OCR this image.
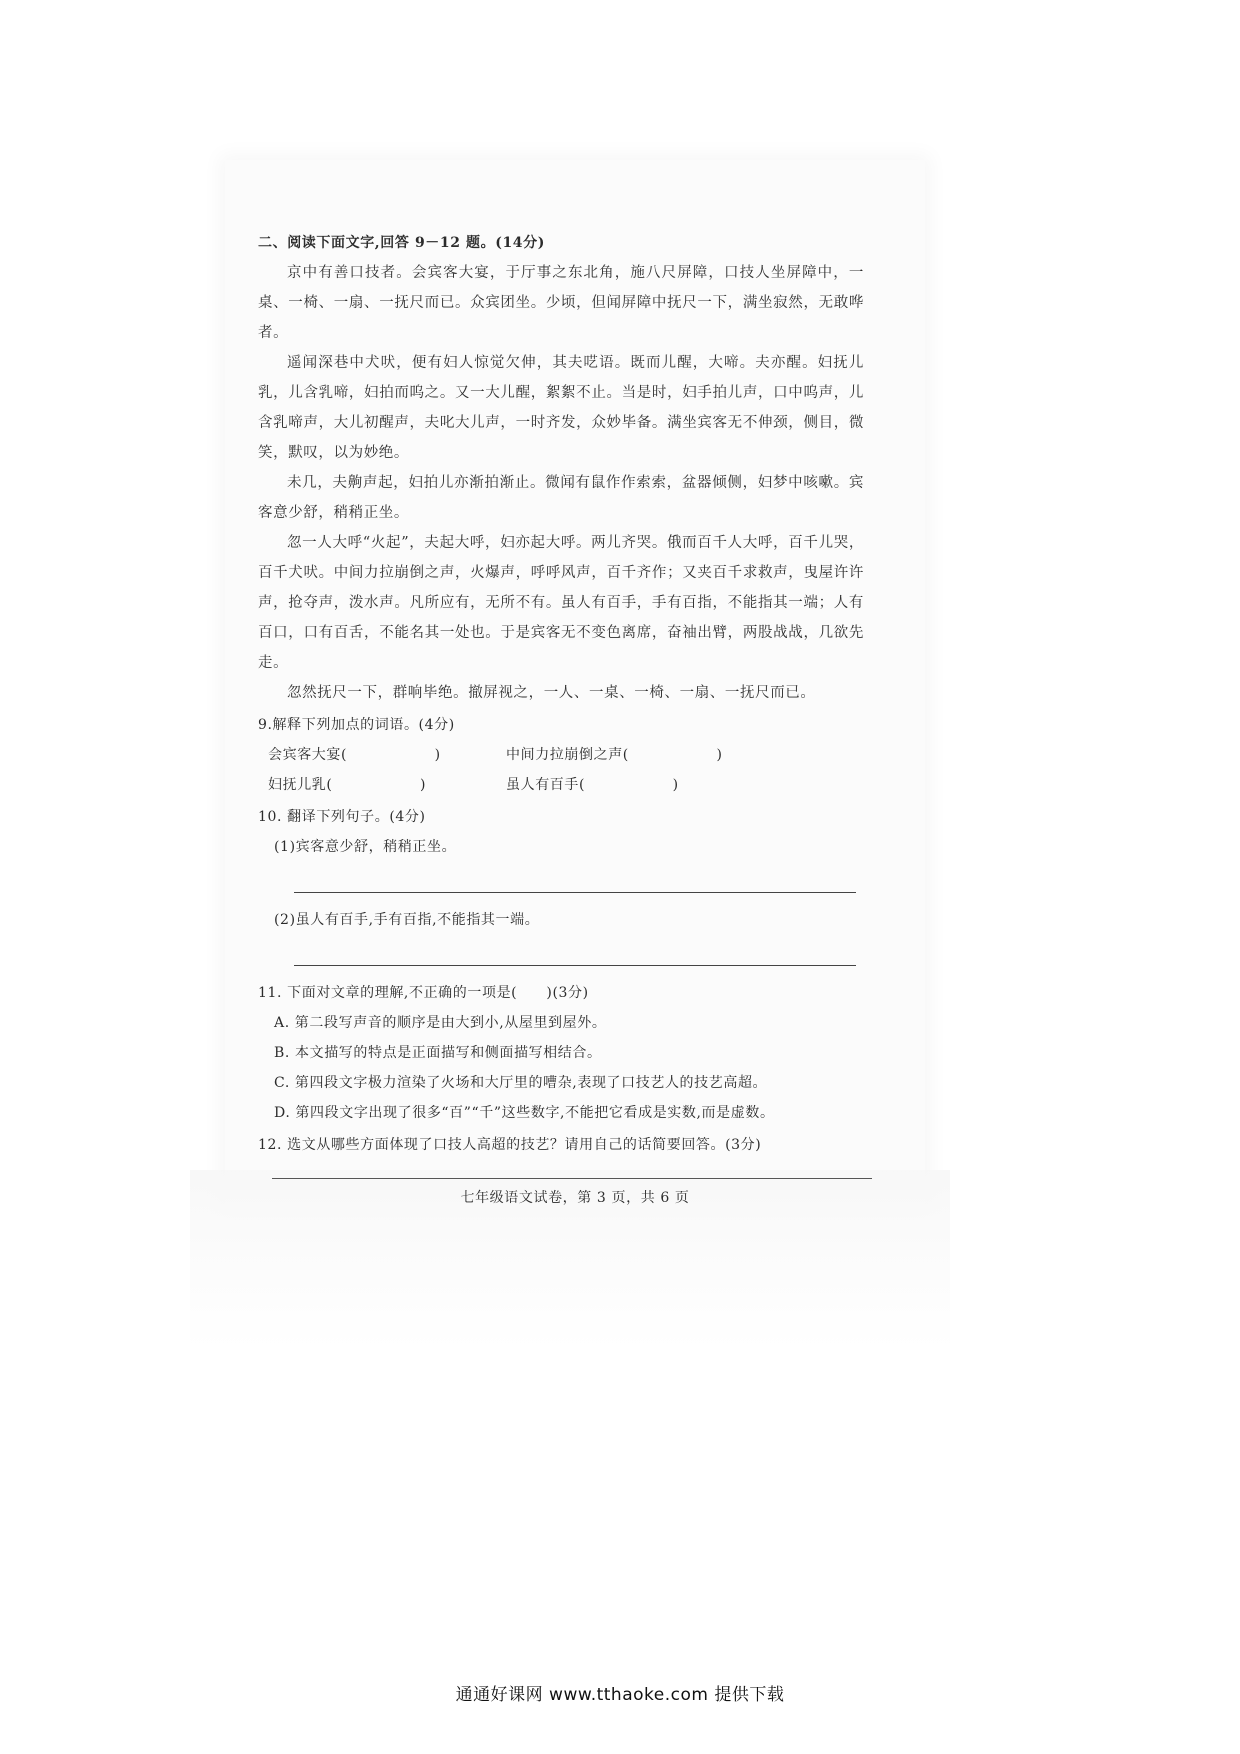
二、阅读下面文字,回答 9－12 题。(14分)
京中有善口技者。会宾客大宴，于厅事之东北角，施八尺屏障，口技人坐屏障中，一桌、一椅、一扇、一抚尺而已。众宾团坐。少顷，但闻屏障中抚尺一下，满坐寂然，无敢哗者。
遥闻深巷中犬吠，便有妇人惊觉欠伸，其夫呓语。既而儿醒，大啼。夫亦醒。妇抚儿乳，儿含乳啼，妇拍而呜之。又一大儿醒，絮絮不止。当是时，妇手拍儿声，口中呜声，儿含乳啼声，大儿初醒声，夫叱大儿声，一时齐发，众妙毕备。满坐宾客无不伸颈，侧目，微笑，默叹，以为妙绝。
未几，夫齁声起，妇拍儿亦渐拍渐止。微闻有鼠作作索索，盆器倾侧，妇梦中咳嗽。宾客意少舒，稍稍正坐。
忽一人大呼“火起”，夫起大呼，妇亦起大呼。两儿齐哭。俄而百千人大呼，百千儿哭，百千犬吠。中间力拉崩倒之声，火爆声，呼呼风声，百千齐作；又夹百千求救声，曳屋许许声，抢夺声，泼水声。凡所应有，无所不有。虽人有百手，手有百指，不能指其一端；人有百口，口有百舌，不能名其一处也。于是宾客无不变色离席，奋袖出臂，两股战战，几欲先走。
忽然抚尺一下，群响毕绝。撤屏视之，一人、一桌、一椅、一扇、一抚尺而已。
9.解释下列加点的词语。(4分)
会宾客大宴(　　　　　　)	中间力拉崩倒之声(　　　　　　)
妇抚儿乳(　　　　　　)	虽人有百手(　　　　　　)
10. 翻译下列句子。(4分)
(1)宾客意少舒，稍稍正坐。
(2)虽人有百手,手有百指,不能指其一端。
11. 下面对文章的理解,不正确的一项是(　　)(3分)
A. 第二段写声音的顺序是由大到小,从屋里到屋外。
B. 本文描写的特点是正面描写和侧面描写相结合。
C. 第四段文字极力渲染了火场和大厅里的嘈杂,表现了口技艺人的技艺高超。
D. 第四段文字出现了很多“百”“千”这些数字,不能把它看成是实数,而是虚数。
12. 选文从哪些方面体现了口技人高超的技艺？请用自己的话简要回答。(3分)
七年级语文试卷，第 3 页，共 6 页
通通好课网 www.tthaoke.com 提供下载
